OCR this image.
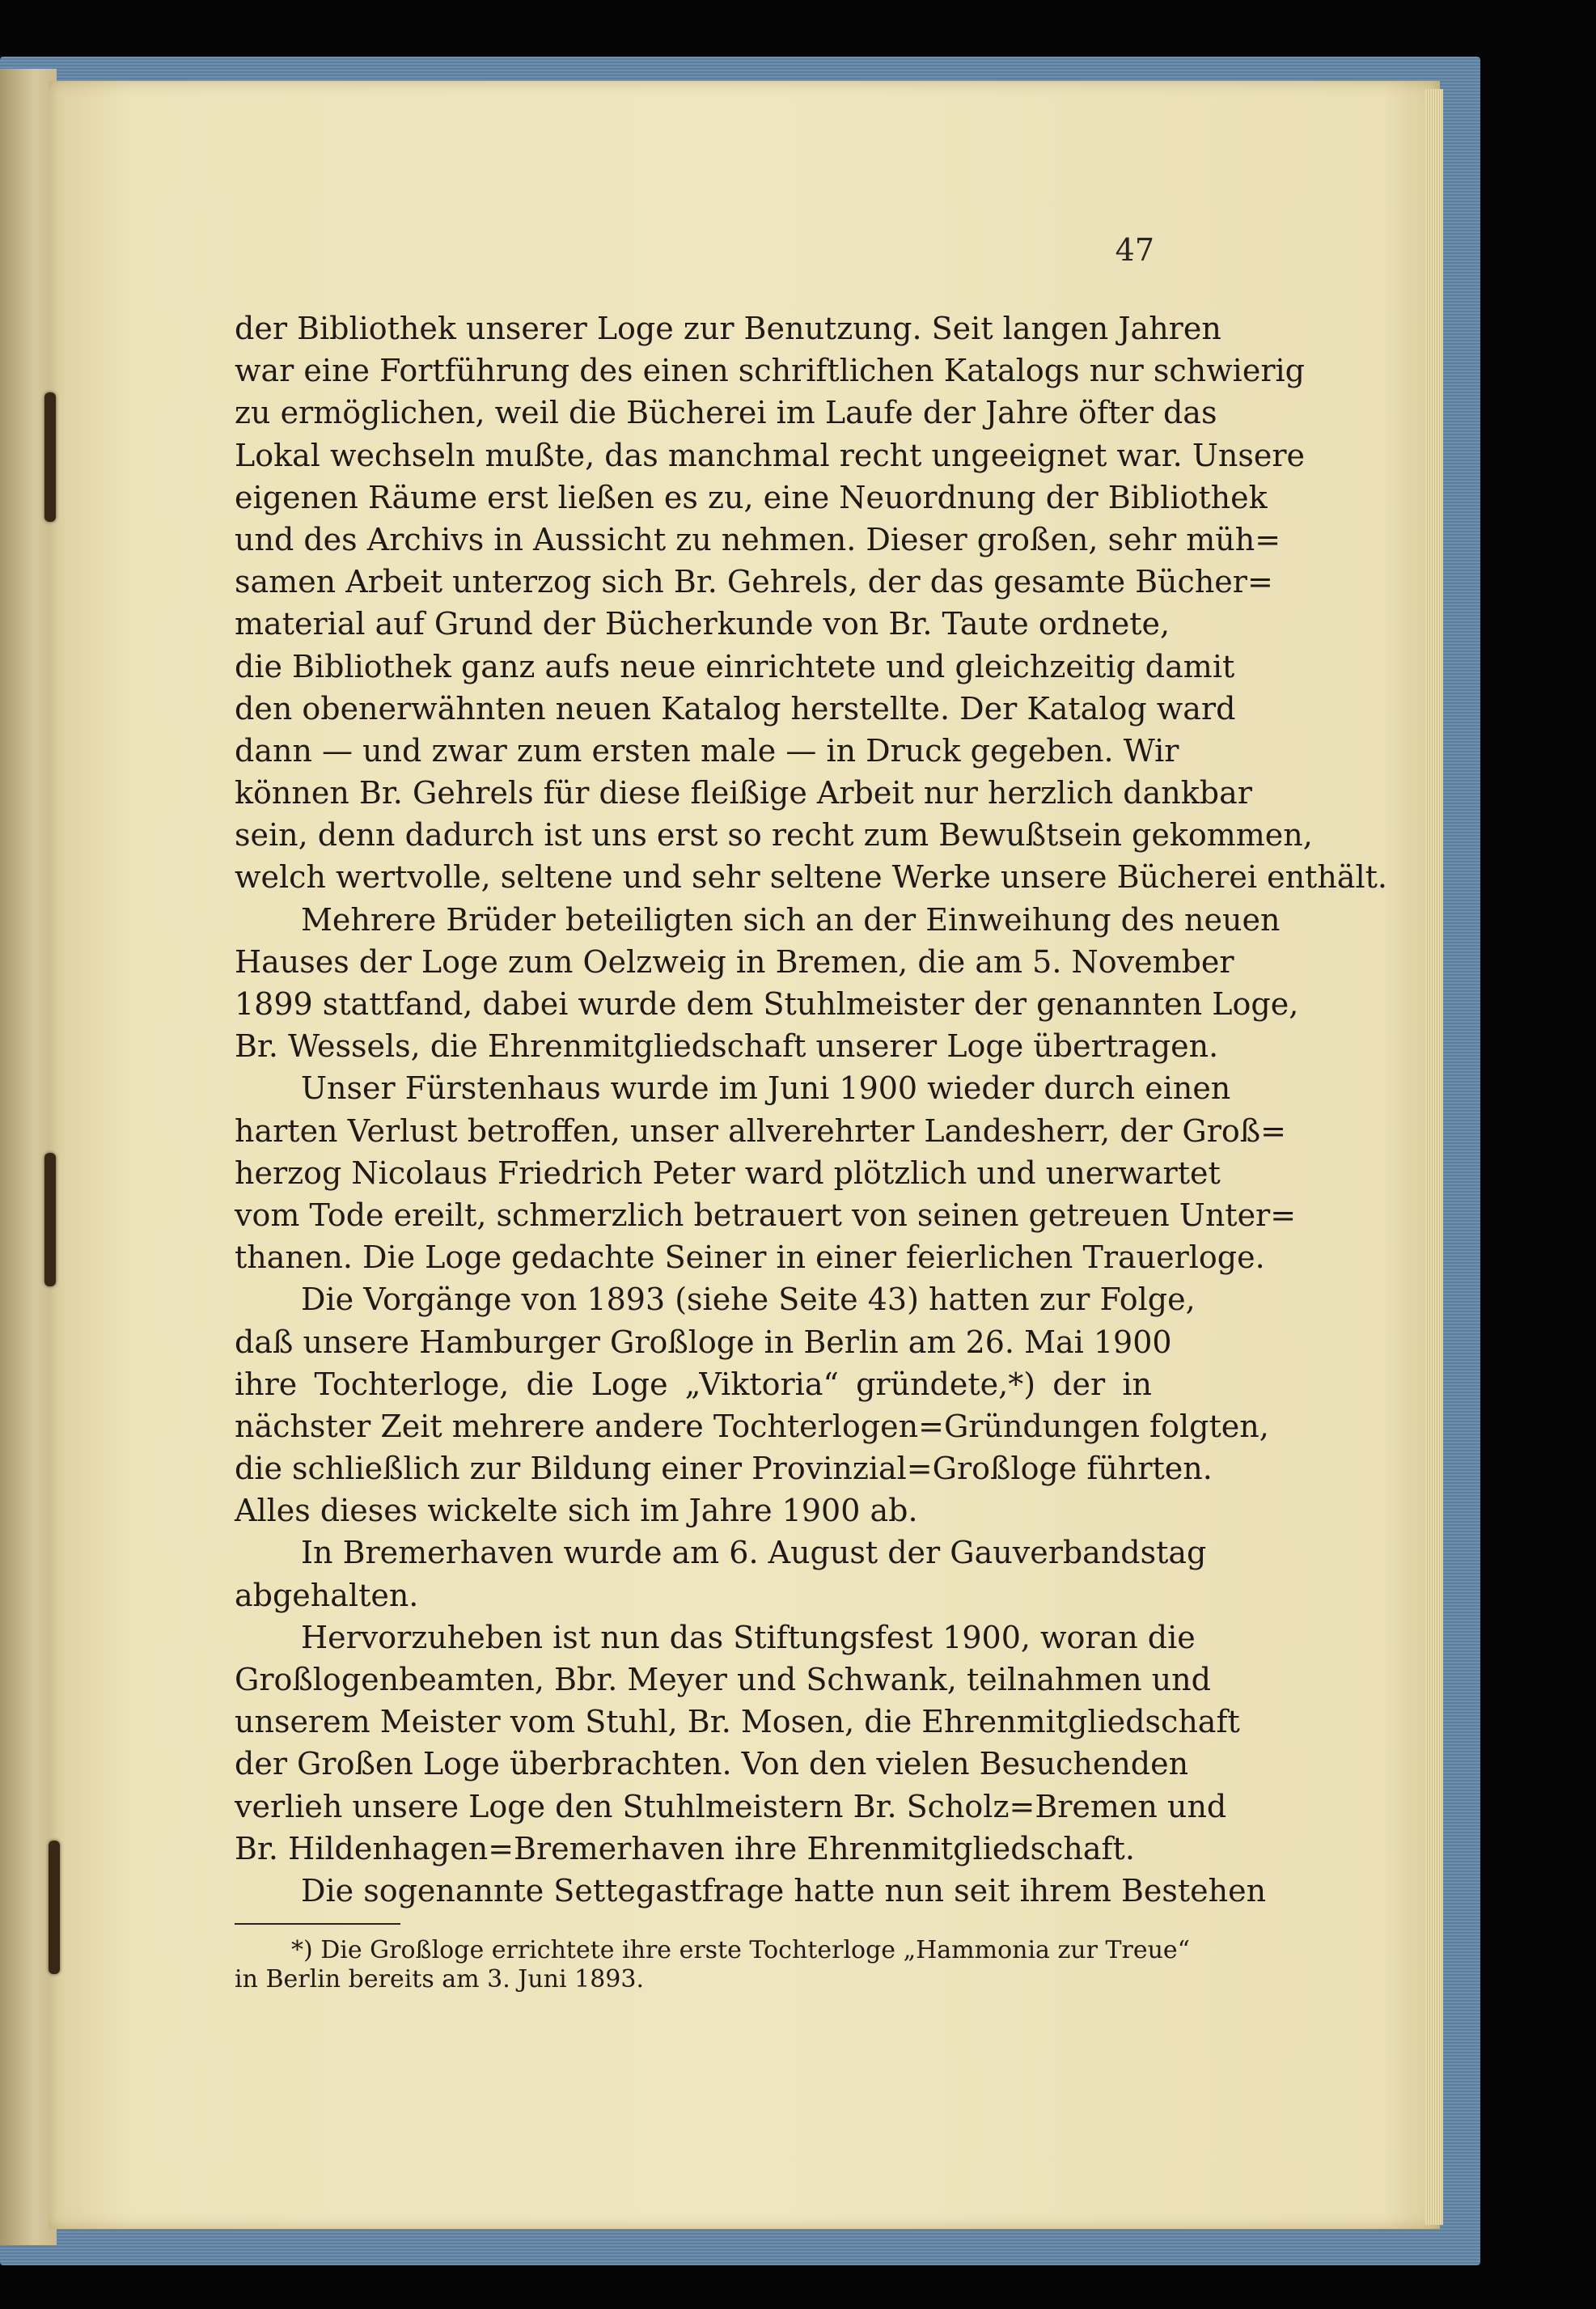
47
der Bibliothek unserer Loge zur Benutzung. Seit langen Jahren
war eine Fortführung des einen schriftlichen Katalogs nur schwierig
zu ermöglichen, weil die Bücherei im Laufe der Jahre öfter das
Lokal wechseln mußte, das manchmal recht ungeeignet war. Unsere
eigenen Räume erst ließen es zu, eine Neuordnung der Bibliothek
und des Archivs in Aussicht zu nehmen. Dieser großen, sehr müh=
samen Arbeit unterzog sich Br. Gehrels, der das gesamte Bücher=
material auf Grund der Bücherkunde von Br. Taute ordnete,
die Bibliothek ganz aufs neue einrichtete und gleichzeitig damit
den obenerwähnten neuen Katalog herstellte. Der Katalog ward
dann — und zwar zum ersten male — in Druck gegeben. Wir
können Br. Gehrels für diese fleißige Arbeit nur herzlich dankbar
sein, denn dadurch ist uns erst so recht zum Bewußtsein gekommen,
welch wertvolle, seltene und sehr seltene Werke unsere Bücherei enthält.
Mehrere Brüder beteiligten sich an der Einweihung des neuen
Hauses der Loge zum Oelzweig in Bremen, die am 5. November
1899 stattfand, dabei wurde dem Stuhlmeister der genannten Loge,
Br. Wessels, die Ehrenmitgliedschaft unserer Loge übertragen.
Unser Fürstenhaus wurde im Juni 1900 wieder durch einen
harten Verlust betroffen, unser allverehrter Landesherr, der Groß=
herzog Nicolaus Friedrich Peter ward plötzlich und unerwartet
vom Tode ereilt, schmerzlich betrauert von seinen getreuen Unter=
thanen. Die Loge gedachte Seiner in einer feierlichen Trauerloge.
Die Vorgänge von 1893 (siehe Seite 43) hatten zur Folge,
daß unsere Hamburger Großloge in Berlin am 26. Mai 1900
ihre Tochterloge, die Loge „Viktoria“ gründete,*) der in
nächster Zeit mehrere andere Tochterlogen=Gründungen folgten,
die schließlich zur Bildung einer Provinzial=Großloge führten.
Alles dieses wickelte sich im Jahre 1900 ab.
In Bremerhaven wurde am 6. August der Gauverbandstag
abgehalten.
Hervorzuheben ist nun das Stiftungsfest 1900, woran die
Großlogenbeamten, Bbr. Meyer und Schwank, teilnahmen und
unserem Meister vom Stuhl, Br. Mosen, die Ehrenmitgliedschaft
der Großen Loge überbrachten. Von den vielen Besuchenden
verlieh unsere Loge den Stuhlmeistern Br. Scholz=Bremen und
Br. Hildenhagen=Bremerhaven ihre Ehrenmitgliedschaft.
Die sogenannte Settegastfrage hatte nun seit ihrem Bestehen
*) Die Großloge errichtete ihre erste Tochterloge „Hammonia zur Treue“
in Berlin bereits am 3. Juni 1893.
